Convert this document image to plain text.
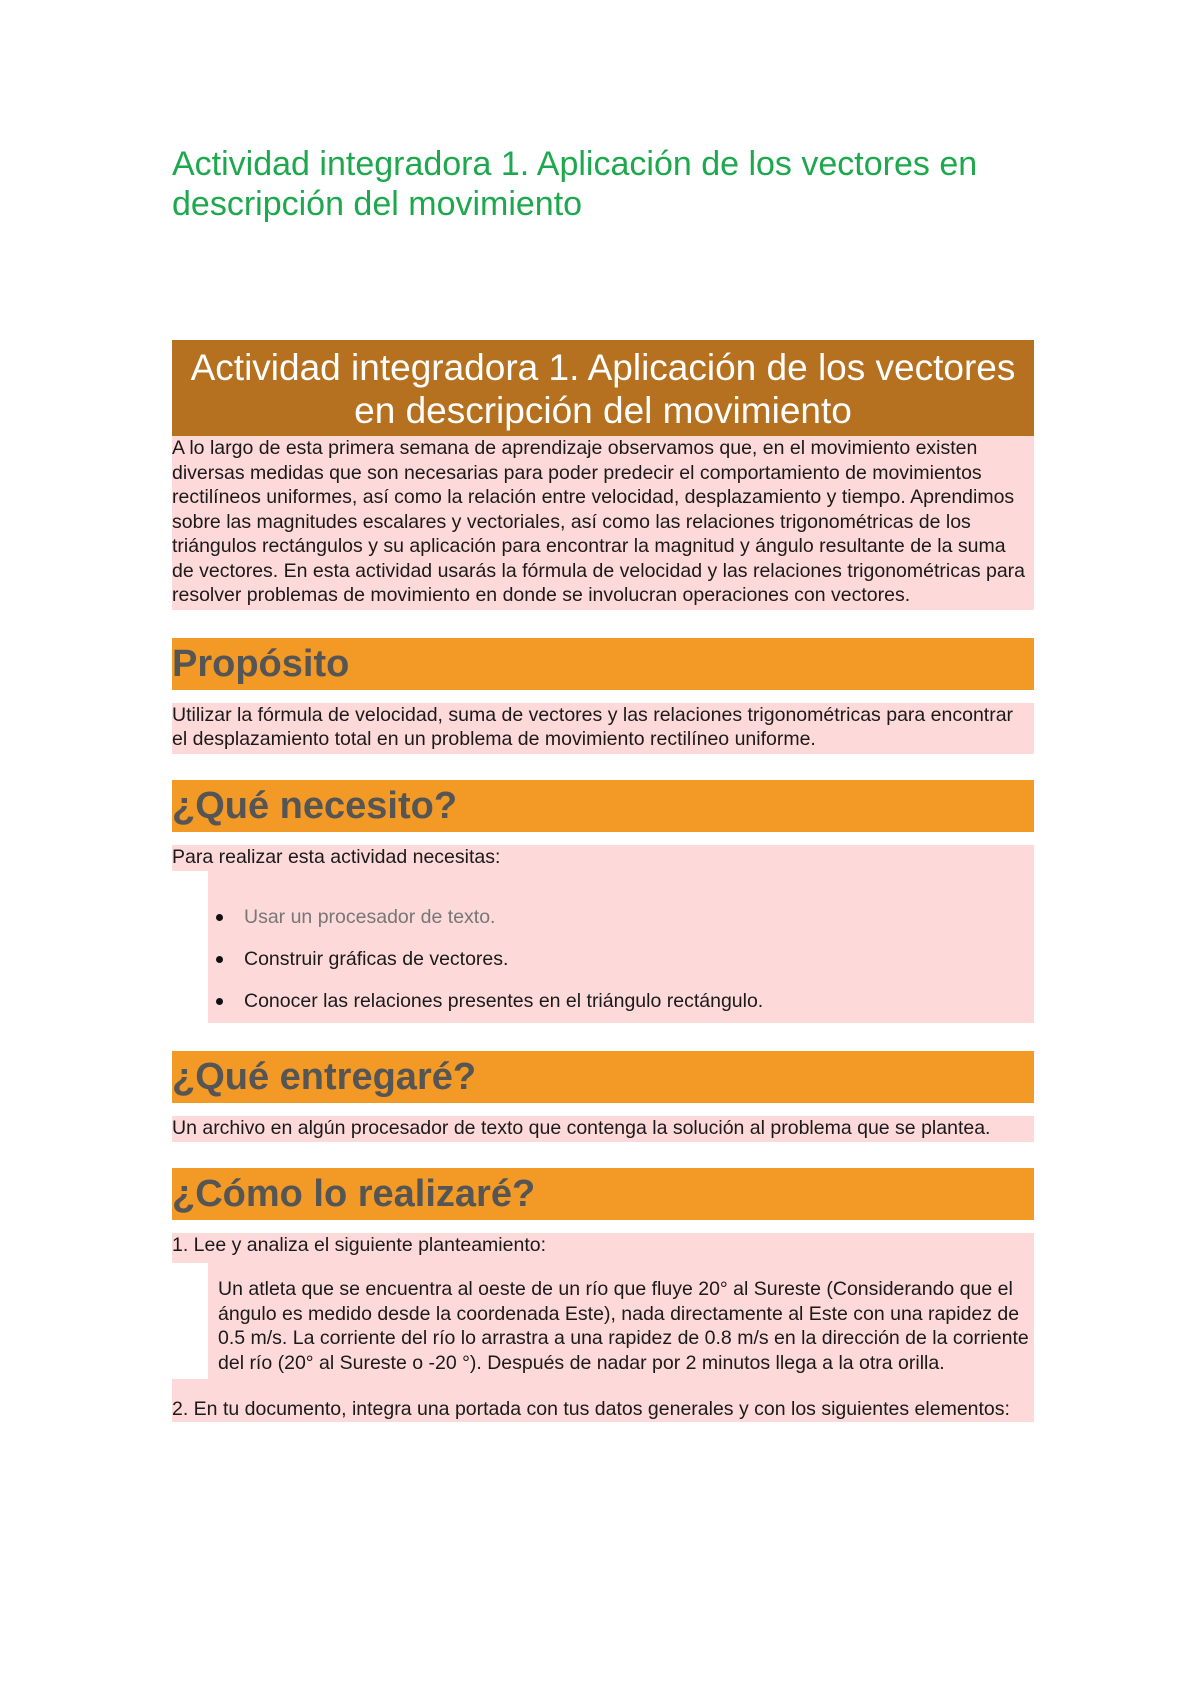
Actividad integradora 1. Aplicación de los vectores en descripción del movimiento
Actividad integradora 1. Aplicación de los vectores en descripción del movimiento

A lo largo de esta primera semana de aprendizaje observamos que, en el movimiento existen diversas medidas que son necesarias para poder predecir el comportamiento de movimientos rectilíneos uniformes, así como la relación entre velocidad, desplazamiento y tiempo. Aprendimos sobre las magnitudes escalares y vectoriales, así como las relaciones trigonométricas de los triángulos rectángulos y su aplicación para encontrar la magnitud y ángulo resultante de la suma de vectores. En esta actividad usarás la fórmula de velocidad y las relaciones trigonométricas para resolver problemas de movimiento en donde se involucran operaciones con vectores.

Propósito

Utilizar la fórmula de velocidad, suma de vectores y las relaciones trigonométricas para encontrar el desplazamiento total en un problema de movimiento rectilíneo uniforme.

¿Qué necesito?
Para realizar esta actividad necesitas:
Usar un procesador de texto.
Construir gráficas de vectores.
Conocer las relaciones presentes en el triángulo rectángulo.
¿Qué entregaré?

Un archivo en algún procesador de texto que contenga la solución al problema que se plantea.

¿Cómo lo realizaré?
1. Lee y analiza el siguiente planteamiento:
Un atleta que se encuentra al oeste de un río que fluye 20° al Sureste (Considerando que el ángulo es medido desde la coordenada Este), nada directamente al Este con una rapidez de 0.5 m/s. La corriente del río lo arrastra a una rapidez de 0.8 m/s en la dirección de la corriente del río (20° al Sureste o -20 °). Después de nadar por 2 minutos llega a la otra orilla.
2. En tu documento, integra una portada con tus datos generales y con los siguientes elementos:
